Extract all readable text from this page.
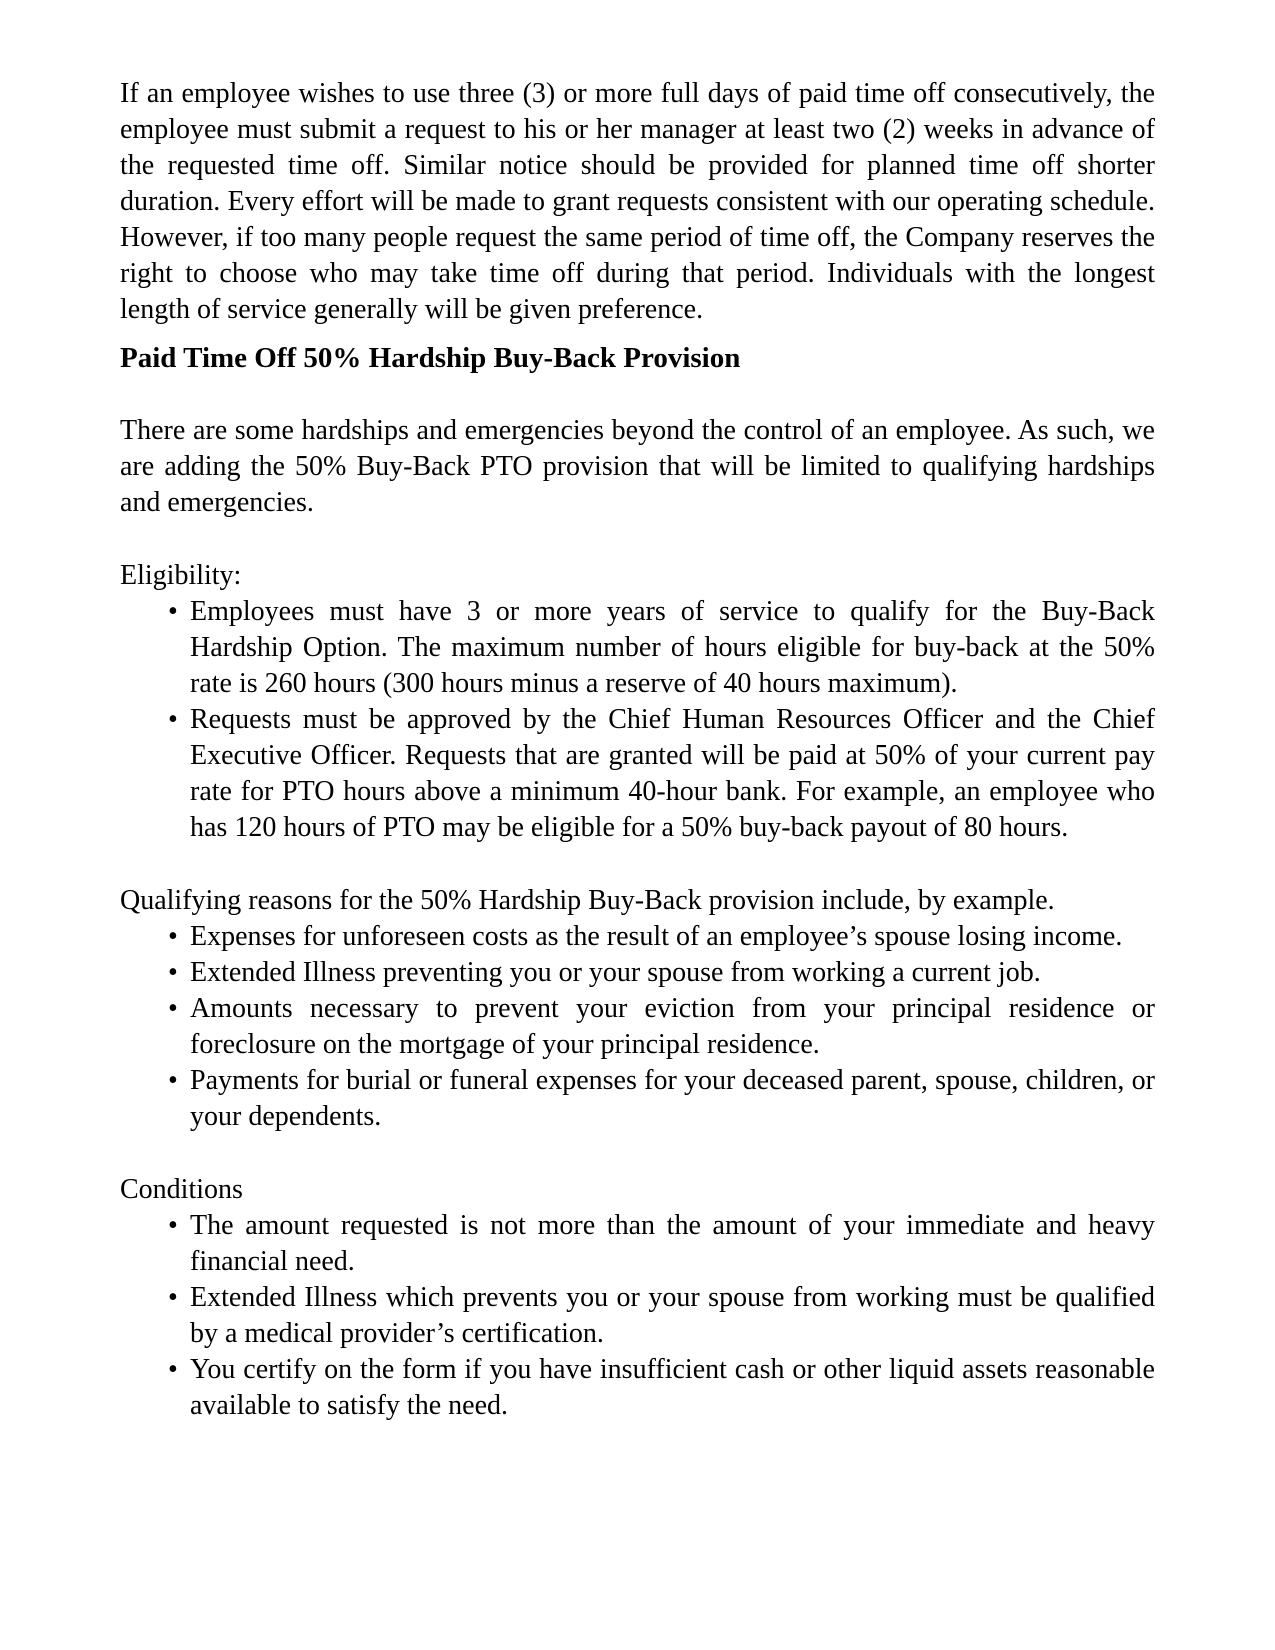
If an employee wishes to use three (3) or more full days of paid time off consecutively, the employee must submit a request to his or her manager at least two (2) weeks in advance of the requested time off. Similar notice should be provided for planned time off shorter duration. Every effort will be made to grant requests consistent with our operating schedule. However, if too many people request the same period of time off, the Company reserves the right to choose who may take time off during that period. Individuals with the longest length of service generally will be given preference.

Paid Time Off 50% Hardship Buy-Back Provision

There are some hardships and emergencies beyond the control of an employee. As such, we are adding the 50% Buy-Back PTO provision that will be limited to qualifying hardships and emergencies.

Eligibility:

• Employees must have 3 or more years of service to qualify for the Buy-Back Hardship Option. The maximum number of hours eligible for buy-back at the 50% rate is 260 hours (300 hours minus a reserve of 40 hours maximum).
• Requests must be approved by the Chief Human Resources Officer and the Chief Executive Officer. Requests that are granted will be paid at 50% of your current pay rate for PTO hours above a minimum 40-hour bank. For example, an employee who has 120 hours of PTO may be eligible for a 50% buy-back payout of 80 hours.

Qualifying reasons for the 50% Hardship Buy-Back provision include, by example.

• Expenses for unforeseen costs as the result of an employee’s spouse losing income.
• Extended Illness preventing you or your spouse from working a current job.
• Amounts necessary to prevent your eviction from your principal residence or foreclosure on the mortgage of your principal residence.
• Payments for burial or funeral expenses for your deceased parent, spouse, children, or your dependents.

Conditions

• The amount requested is not more than the amount of your immediate and heavy financial need.
• Extended Illness which prevents you or your spouse from working must be qualified by a medical provider’s certification.
• You certify on the form if you have insufficient cash or other liquid assets reasonable available to satisfy the need.
